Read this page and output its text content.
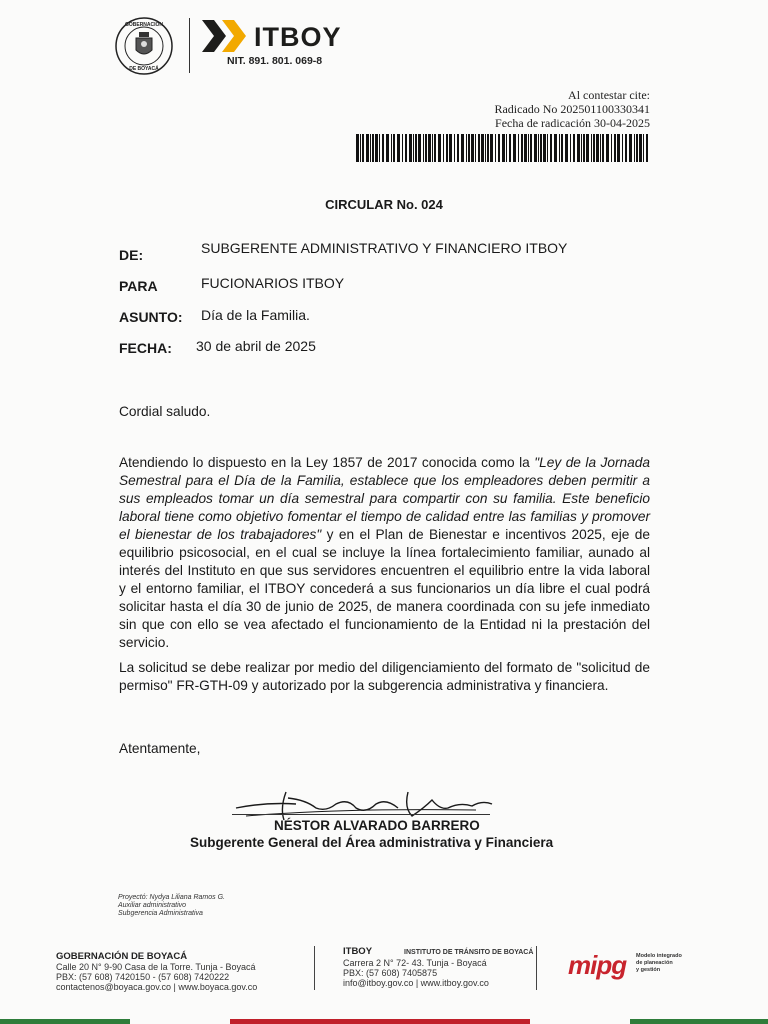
GOBERNACIÓN
DE BOYACÁ
ITBOY
NIT. 891. 801. 069-8
Al contestar cite:
Radicado No 20250110033034​1
Fecha de radicación 30-04-2025
CIRCULAR No. 024
DE:	SUBGERENTE ADMINISTRATIVO Y FINANCIERO ITBOY
PARA	FUCIONARIOS ITBOY
ASUNTO: Día de la Familia.
FECHA: 30 de abril de 2025
Cordial saludo.
Atendiendo lo dispuesto en la Ley 1857 de 2017 conocida como la "Ley de la Jornada Semestral para el Día de la Familia, establece que los empleadores deben permitir a sus empleados tomar un día semestral para compartir con su familia. Este beneficio laboral tiene como objetivo fomentar el tiempo de calidad entre las familias y promover el bienestar de los trabajadores" y en el Plan de Bienestar e incentivos 2025, eje de equilibrio psicosocial, en el cual se incluye la línea fortalecimiento familiar, aunado al interés del Instituto en que sus servidores encuentren el equilibrio entre la vida laboral y el entorno familiar, el ITBOY concederá a sus funcionarios un día libre el cual podrá solicitar hasta el día 30 de junio de 2025, de manera coordinada con su jefe inmediato sin que con ello se vea afectado el funcionamiento de la Entidad ni la prestación del servicio.
La solicitud se debe realizar por medio del diligenciamiento del formato de "solicitud de permiso" FR-GTH-09 y autorizado por la subgerencia administrativa y financiera.
Atentamente,
NÉSTOR ALVARADO BARRERO
Subgerente General del Área administrativa y Financiera
Proyectó: Nydya Liliana Ramos G.
Auxiliar administrativo
Subgerencia Administrativa
GOBERNACIÓN DE BOYACÁ
Calle 20 N° 9-90 Casa de la Torre. Tunja - Boyacá
PBX: (57 608) 7420150 - (57 608) 7420222
contactenos@boyaca.gov.co | www.boyaca.gov.co
ITBOY	INSTITUTO DE TRÁNSITO DE BOYACÁ
Carrera 2 N° 72- 43. Tunja - Boyacá
PBX: (57 608) 7405875
info@itboy.gov.co | www.itboy.gov.co
mipg Modelo integrado
de planeación
y gestión
